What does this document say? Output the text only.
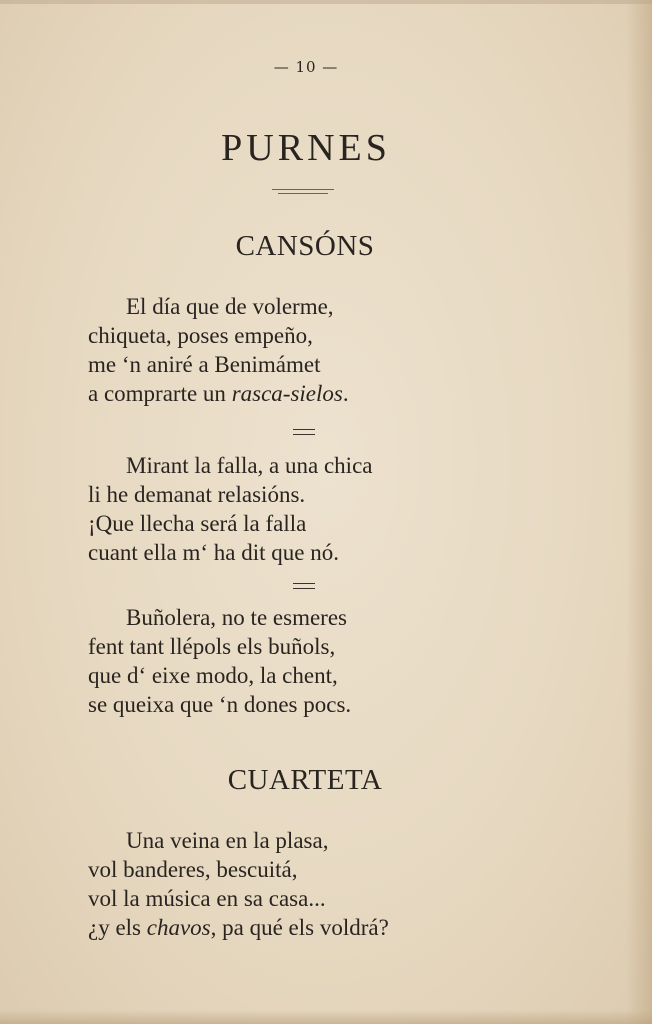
— 10 —
PURNES
CANSÓNS
El día que de volerme,
chiqueta, poses empeño,
me ‘n aniré a Benimámet
a comprarte un rasca-sielos.
Mirant la falla, a una chica
li he demanat relasións.
¡Que llecha será la falla
cuant ella m‘ ha dit que nó.
Buñolera, no te esmeres
fent tant llépols els buñols,
que d‘ eixe modo, la chent,
se queixa que ‘n dones pocs.
CUARTETA
Una veina en la plasa,
vol banderes, bescuitá,
vol la música en sa casa...
¿y els chavos, pa qué els voldrá?
